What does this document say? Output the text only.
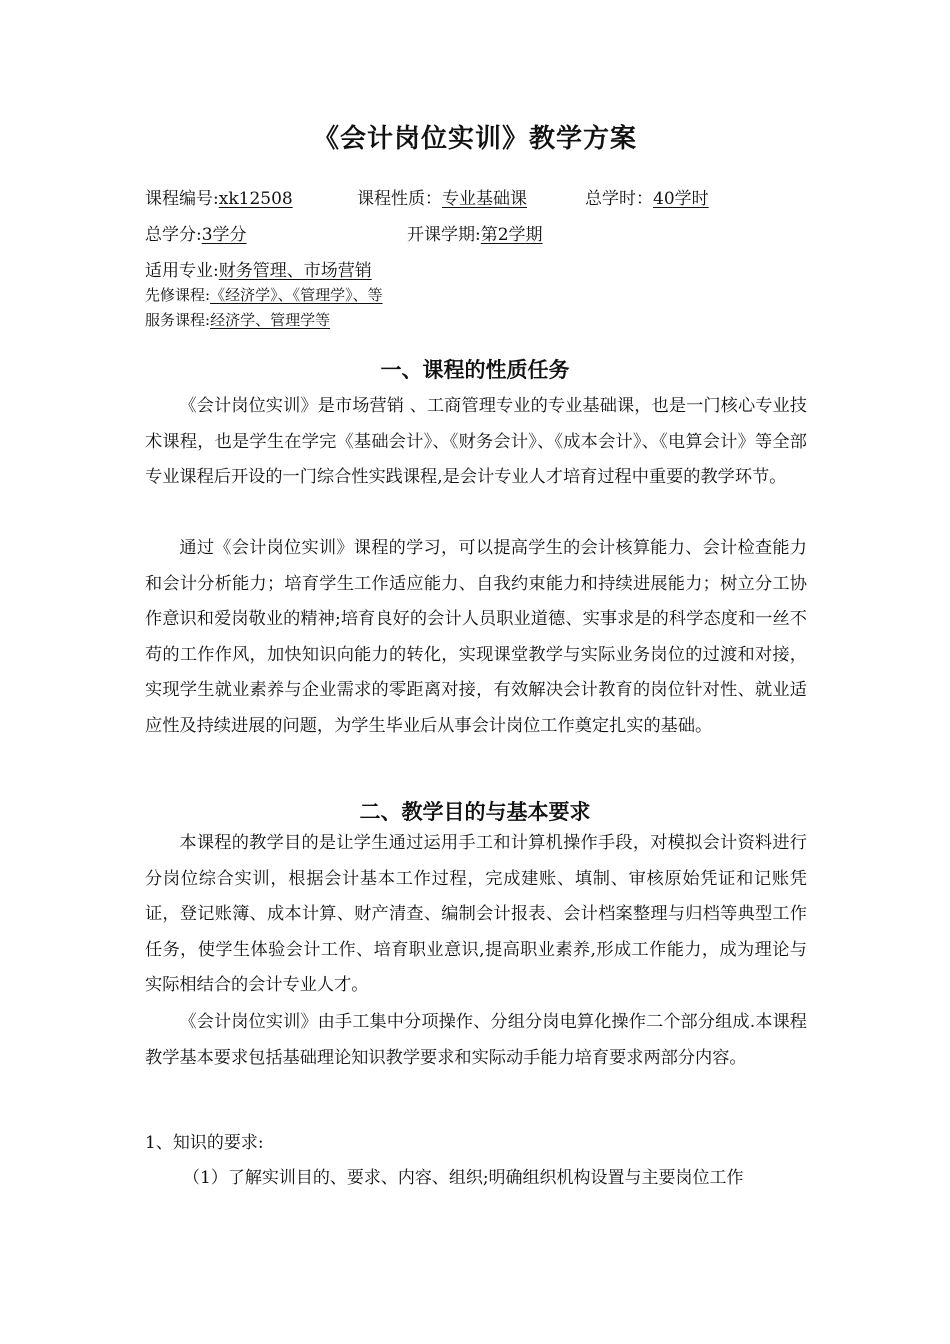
《会计岗位实训》教学方案
课程编号:xk12508	课程性质：专业基础课	总学时：40学时
总学分:3学分	开课学期:第2学期
适用专业:财务管理、市场营销
先修课程:《经济学》、《管理学》、等
服务课程:经济学、管理学等
一、课程的性质任务

《会计岗位实训》是市场营销 、工商管理专业的专业基础课，也是一门核心专业技术课程，也是学生在学完《基础会计》、《财务会计》、《成本会计》、《电算会计》等全部专业课程后开设的一门综合性实践课程,是会计专业人才培育过程中重要的教学环节。

通过《会计岗位实训》课程的学习，可以提高学生的会计核算能力、会计检查能力和会计分析能力；培育学生工作适应能力、自我约束能力和持续进展能力；树立分工协作意识和爱岗敬业的精神;培育良好的会计人员职业道德、实事求是的科学态度和一丝不苟的工作作风，加快知识向能力的转化，实现课堂教学与实际业务岗位的过渡和对接，实现学生就业素养与企业需求的零距离对接，有效解决会计教育的岗位针对性、就业适应性及持续进展的问题，为学生毕业后从事会计岗位工作奠定扎实的基础。

二、教学目的与基本要求

本课程的教学目的是让学生通过运用手工和计算机操作手段，对模拟会计资料进行分岗位综合实训，根据会计基本工作过程，完成建账、填制、审核原始凭证和记账凭证，登记账簿、成本计算、财产清查、编制会计报表、会计档案整理与归档等典型工作任务，使学生体验会计工作、培育职业意识,提高职业素养,形成工作能力，成为理论与实际相结合的会计专业人才。

《会计岗位实训》由手工集中分项操作、分组分岗电算化操作二个部分组成.本课程教学基本要求包括基础理论知识教学要求和实际动手能力培育要求两部分内容。

1、知识的要求:
（1）了解实训目的、要求、内容、组织;明确组织机构设置与主要岗位工作
